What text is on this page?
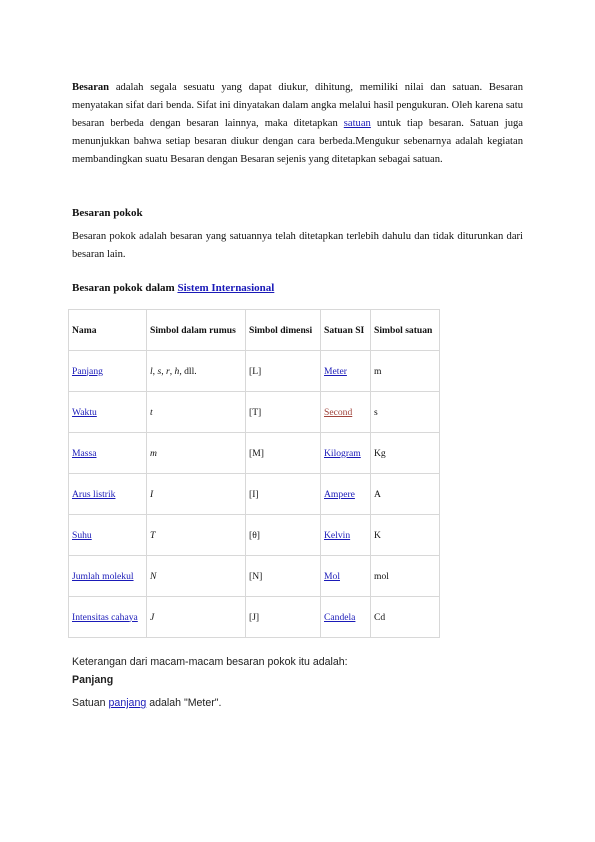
Besaran adalah segala sesuatu yang dapat diukur, dihitung, memiliki nilai dan satuan. Besaran menyatakan sifat dari benda. Sifat ini dinyatakan dalam angka melalui hasil pengukuran. Oleh karena satu besaran berbeda dengan besaran lainnya, maka ditetapkan satuan untuk tiap besaran. Satuan juga menunjukkan bahwa setiap besaran diukur dengan cara berbeda.Mengukur sebenarnya adalah kegiatan membandingkan suatu Besaran dengan Besaran sejenis yang ditetapkan sebagai satuan.

Besaran pokok

Besaran pokok adalah besaran yang satuannya telah ditetapkan terlebih dahulu dan tidak diturunkan dari besaran lain.

Besaran pokok dalam Sistem Internasional
Nama	Simbol dalam rumus	Simbol dimensi	Satuan SI	Simbol satuan
Panjang	l, s, r, h, dll.	[L]	Meter	m
Waktu	t	[T]	Second	s
Massa	m	[M]	Kilogram	Kg
Arus listrik	I	[I]	Ampere	A
Suhu	T	[θ]	Kelvin	K
Jumlah molekul	N	[N]	Mol	mol
Intensitas cahaya	J	[J]	Candela	Cd
Keterangan dari macam-macam besaran pokok itu adalah:
Panjang
Satuan panjang adalah "Meter".
